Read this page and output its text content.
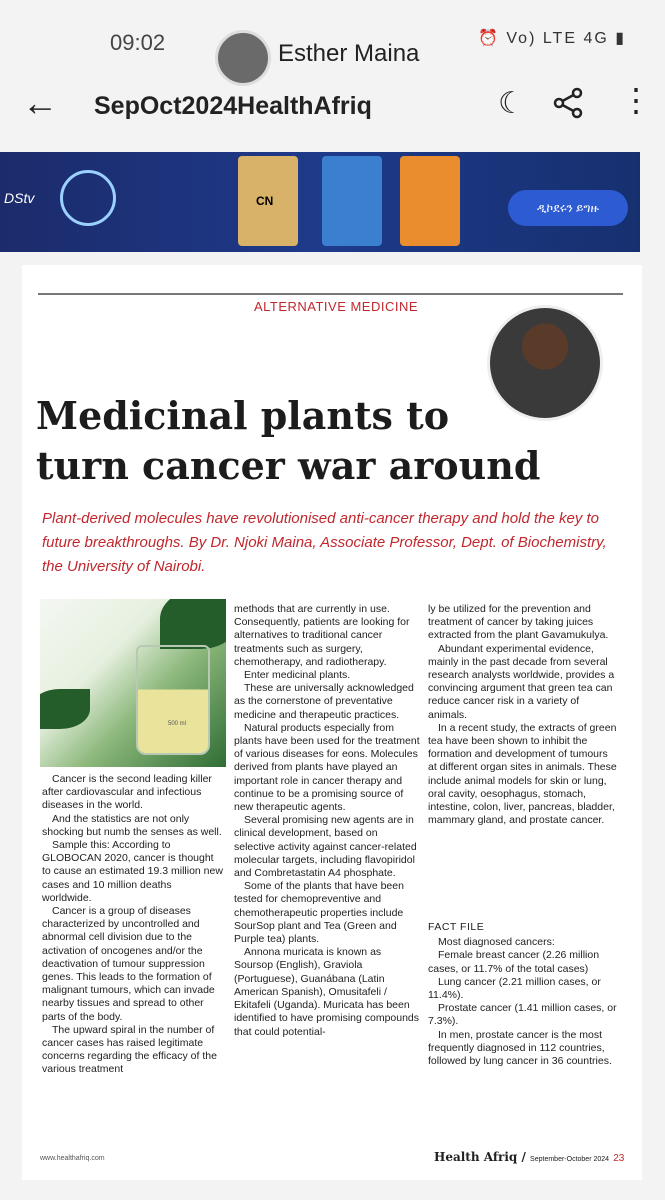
09:02	Esther Maina
⏰ Vo) LTE 4G ▮
← SepOct2024HealthAfriq	☾	⋮
DStv	CN	ዲኮደሩን ይግዙ
ALTERNATIVE MEDICINE
Medicinal plants to
turn cancer war around
Plant-derived molecules have revolutionised anti-cancer therapy and hold the key to future breakthroughs. By Dr. Njoki Maina, Associate Professor, Dept. of Biochemistry, the University of Nairobi.
500 ml

Cancer is the second leading killer after cardiovascular and infectious diseases in the world.

And the statistics are not only shocking but numb the senses as well.

Sample this: According to GLOBOCAN 2020, cancer is thought to cause an estimated 19.3 million new cases and 10 million deaths worldwide.

Cancer is a group of diseases characterized by uncontrolled and abnormal cell division due to the activation of oncogenes and/or the deactivation of tumour suppression genes. This leads to the formation of malignant tumours, which can invade nearby tissues and spread to other parts of the body.

The upward spiral in the number of cancer cases has raised legitimate concerns regarding the efficacy of the various treatment

methods that are currently in use. Consequently, patients are looking for alternatives to traditional cancer treatments such as surgery, chemotherapy, and radiotherapy.

Enter medicinal plants.

These are universally acknowledged as the cornerstone of preventative medicine and therapeutic practices.

Natural products especially from plants have been used for the treatment of various diseases for eons. Molecules derived from plants have played an important role in cancer therapy and continue to be a promising source of new therapeutic agents.

Several promising new agents are in clinical development, based on selective activity against cancer-related molecular targets, including flavopiridol and Combretastatin A4 phosphate.

Some of the plants that have been tested for chemopreventive and chemotherapeutic properties include SourSop plant and Tea (Green and Purple tea) plants.

Annona muricata is known as Soursop (English), Graviola (Portuguese), Guanábana (Latin American Spanish), Omusitafeli / Ekitafeli (Uganda). Muricata has been identified to have promising compounds that could potential-

ly be utilized for the prevention and treatment of cancer by taking juices extracted from the plant Gavamukulya.

Abundant experimental evidence, mainly in the past decade from several research analysts worldwide, provides a convincing argument that green tea can reduce cancer risk in a variety of animals.

In a recent study, the extracts of green tea have been shown to inhibit the formation and development of tumours at different organ sites in animals. These include animal models for skin or lung, oral cavity, oesophagus, stomach, intestine, colon, liver, pancreas, bladder, mammary gland, and prostate cancer.

FACT FILE

Most diagnosed cancers:

Female breast cancer (2.26 million cases, or 11.7% of the total cases)

Lung cancer (2.21 million cases, or 11.4%).

Prostate cancer (1.41 million cases, or 7.3%).

In men, prostate cancer is the most frequently diagnosed in 112 countries, followed by lung cancer in 36 countries.

www.healthafriq.com	Health Afriq / September-October 2024 23
